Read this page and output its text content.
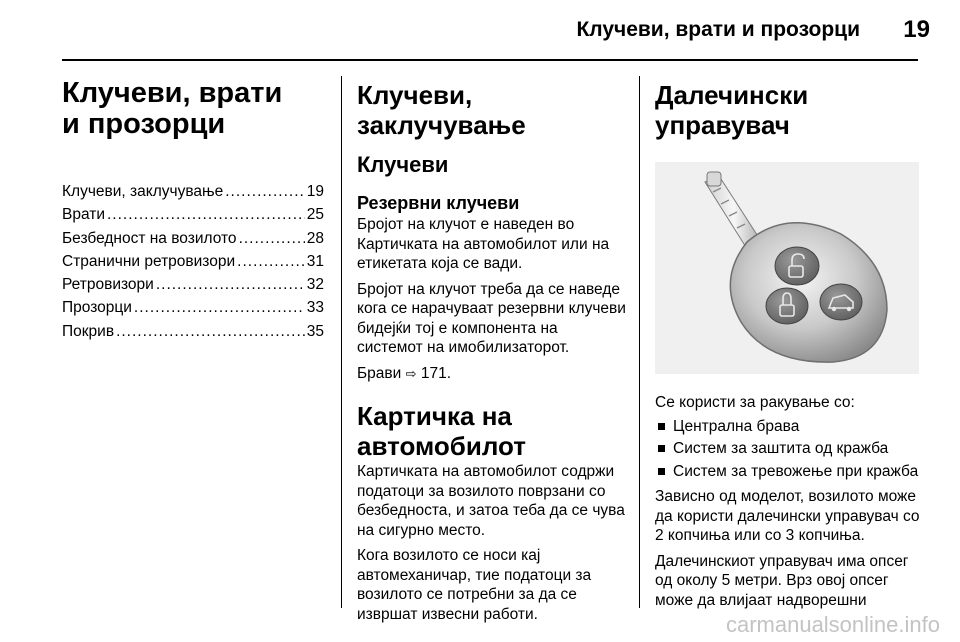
Клучеви, врати и прозорци	19
Клучеви, врати
и прозорци
Клучеви, заклучување .....	19
Врати .....	25
Безбедност на возилото .....	28
Странични ретровизори .....	31
Ретровизори .....	32
Прозорци .....	33
Покрив .....	35
Клучеви, заклучување
Клучеви
Резервни клучеви

Бројот на клучот е наведен во Картичката на автомобилот или на етикетата која се вади.

Бројот на клучот треба да се наведе кога се нарачуваат резервни клучеви бидејќи тој е компонента на системот на имобилизаторот.

Брави ⇨ 171.

Картичка на
автомобилот

Картичката на автомобилот содржи податоци за возилото поврзани со безбедноста, и затоа теба да се чува на сигурно место.

Кога возилото се носи кај автомеханичар, тие податоци за возилото се потребни за да се извршат извесни работи.

Далечински управувач

Се користи за ракување со:

Централна брава
Систем за заштита од кражба
Систем за тревожење при кражба

Зависно од моделот, возилото може да користи далечински управувач со 2 копчиња или со 3 копчиња.

Далечинскиот управувач има опсег од околу 5 метри. Врз овој опсег може да влијаат надворешни

carmanualsonline.info
